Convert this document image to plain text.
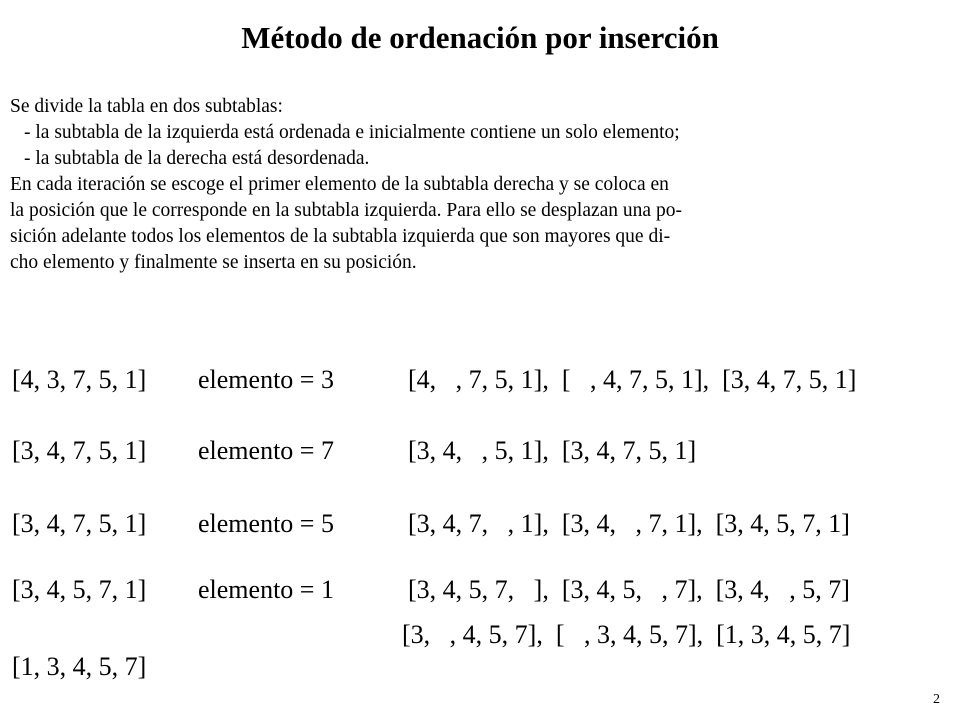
Método de ordenación por inserción
Se divide la tabla en dos subtablas:
- la subtabla de la izquierda está ordenada e inicialmente contiene un solo elemento;
- la subtabla de la derecha está desordenada.
En cada iteración se escoge el primer elemento de la subtabla derecha y se coloca en
la posición que le corresponde en la subtabla izquierda. Para ello se desplazan una po-
sición adelante todos los elementos de la subtabla izquierda que son mayores que di-
cho elemento y finalmente se inserta en su posición.
[4, 3, 7, 5, 1] elemento = 3	[4,   , 7, 5, 1],  [   , 4, 7, 5, 1],  [3, 4, 7, 5, 1]
[3, 4, 7, 5, 1] elemento = 7	[3, 4,   , 5, 1],  [3, 4, 7, 5, 1]
[3, 4, 7, 5, 1] elemento = 5	[3, 4, 7,   , 1],  [3, 4,   , 7, 1],  [3, 4, 5, 7, 1]
[3, 4, 5, 7, 1] elemento = 1	[3, 4, 5, 7,   ],  [3, 4, 5,   , 7],  [3, 4,   , 5, 7]
[3,   , 4, 5, 7],  [   , 3, 4, 5, 7],  [1, 3, 4, 5, 7]
[1, 3, 4, 5, 7]
2
